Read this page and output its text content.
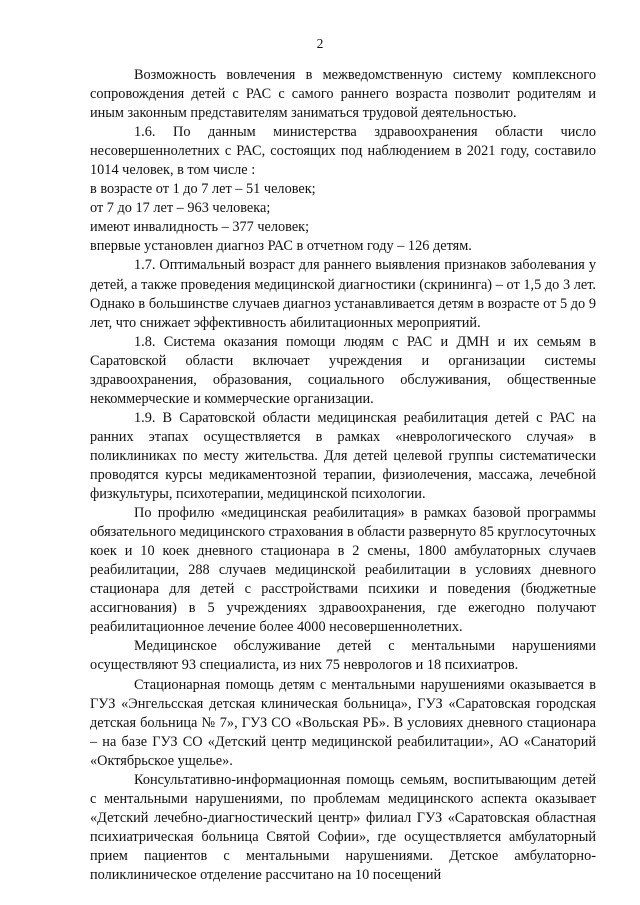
2

Возможность вовлечения в межведомственную систему комплексного сопровождения детей с РАС с самого раннего возраста позволит родителям и иным законным представителям заниматься трудовой деятельностью.

1.6. По данным министерства здравоохранения области число несовершеннолетних с РАС, состоящих под наблюдением в 2021 году, составило 1014 человек, в том числе :

в возрасте от 1 до 7 лет – 51 человек;

от 7 до 17 лет – 963 человека;

имеют инвалидность – 377 человек;

впервые установлен диагноз РАС в отчетном году – 126 детям.

1.7. Оптимальный возраст для раннего выявления признаков заболевания у детей, а также проведения медицинской диагностики (скрининга) – от 1,5 до 3 лет. Однако в большинстве случаев диагноз устанавливается детям в возрасте от 5 до 9 лет, что снижает эффективность абилитационных мероприятий.

1.8. Система оказания помощи людям с РАС и ДМН и их семьям в Саратовской области включает учреждения и организации системы здравоохранения, образования, социального обслуживания, общественные некоммерческие и коммерческие организации.

1.9. В Саратовской области медицинская реабилитация детей с РАС на ранних этапах осуществляется в рамках «неврологического случая» в поликлиниках по месту жительства. Для детей целевой группы систематически проводятся курсы медикаментозной терапии, физиолечения, массажа, лечебной физкультуры, психотерапии, медицинской психологии.

По профилю «медицинская реабилитация» в рамках базовой программы обязательного медицинского страхования в области развернуто 85 круглосуточных коек и 10 коек дневного стационара в 2 смены, 1800 амбулаторных случаев реабилитации, 288 случаев медицинской реабилитации в условиях дневного стационара для детей с расстройствами психики и поведения (бюджетные ассигнования) в 5 учреждениях здравоохранения, где ежегодно получают реабилитационное лечение более 4000 несовершеннолетних.

Медицинское обслуживание детей с ментальными нарушениями осуществляют 93 специалиста, из них 75 неврологов и 18 психиатров.

Стационарная помощь детям с ментальными нарушениями оказывается в ГУЗ «Энгельсская детская клиническая больница», ГУЗ «Саратовская городская детская больница № 7», ГУЗ СО «Вольская РБ». В условиях дневного стационара – на базе ГУЗ СО «Детский центр медицинской реабилитации», АО «Санаторий «Октябрьское ущелье».

Консультативно-информационная помощь семьям, воспитывающим детей с ментальными нарушениями, по проблемам медицинского аспекта оказывает «Детский лечебно-диагностический центр» филиал ГУЗ «Саратовская областная психиатрическая больница Святой Софии», где осуществляется амбулаторный прием пациентов с ментальными нарушениями. Детское амбулаторно-поликлиническое отделение рассчитано на 10 посещений
